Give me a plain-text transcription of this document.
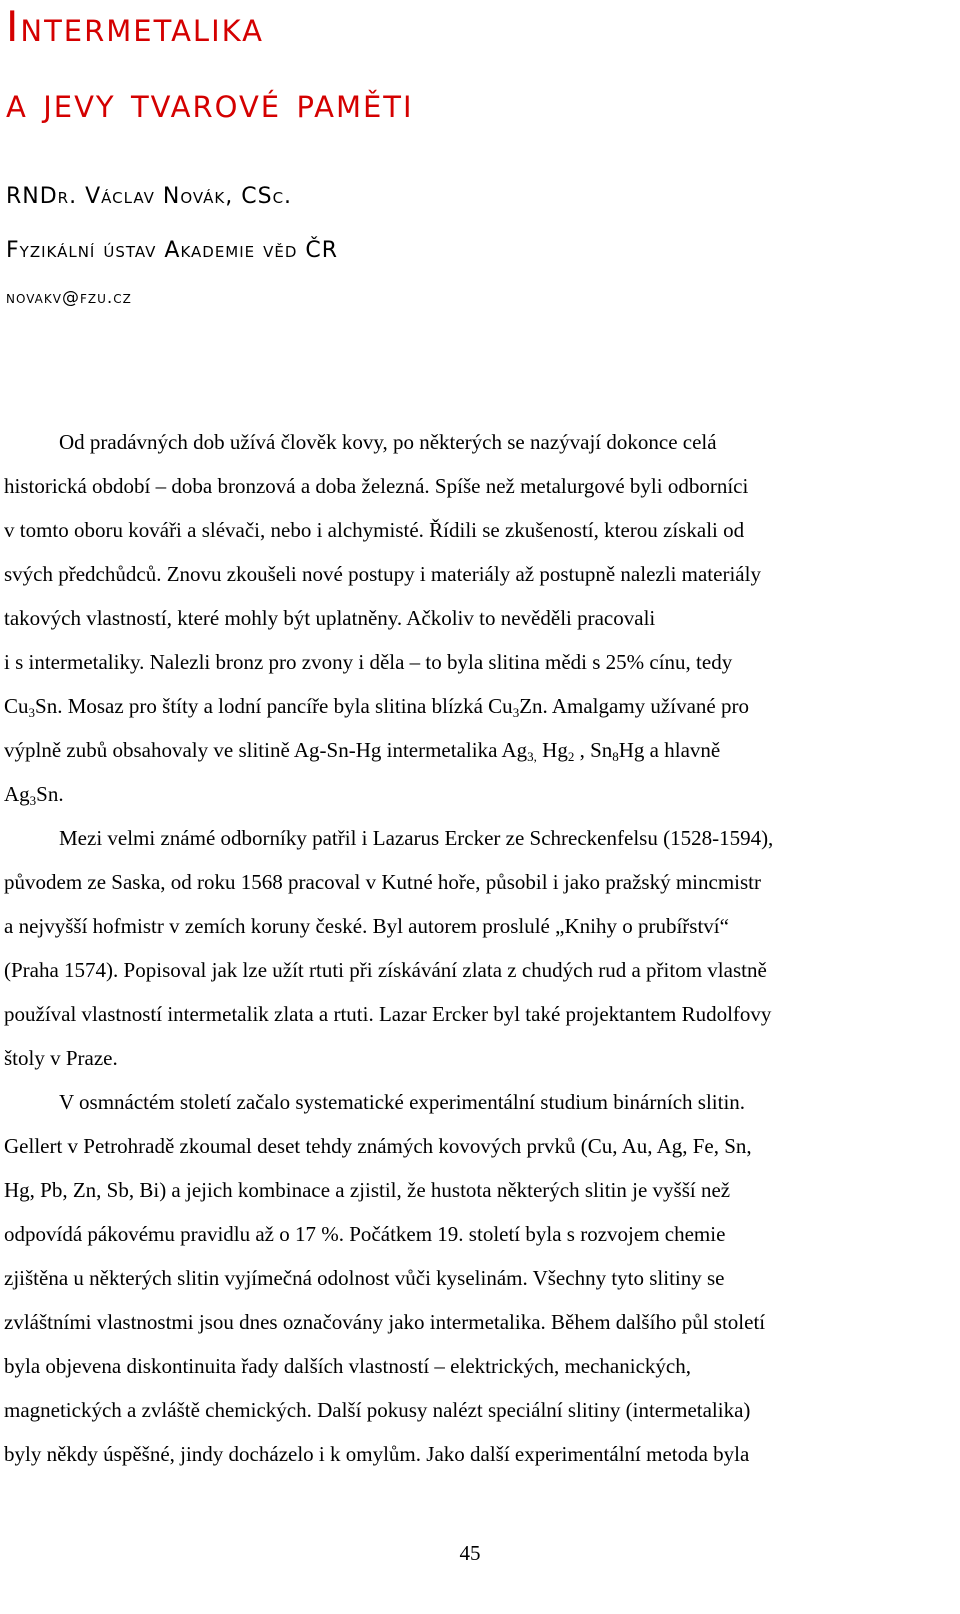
Intermetalika
a jevy tvarové paměti
RNDr. Václav Novák, CSc.
Fyzikální ústav Akademie věd ČR
novakv@fzu.cz

Od pradávných dob užívá člověk kovy, po některých se nazývají dokonce celá
historická období – doba bronzová a doba železná. Spíše než metalurgové byli odborníci
v tomto oboru kováři a slévači, nebo i alchymisté. Řídili se zkušeností, kterou získali od
svých předchůdců. Znovu zkoušeli nové postupy i materiály až postupně nalezli materiály
takových vlastností, které mohly být uplatněny. Ačkoliv to nevěděli pracovali
i s intermetaliky. Nalezli bronz pro zvony i děla – to byla slitina mědi s 25% cínu, tedy
$Cu_3Sn$. Mosaz pro štíty a lodní pancíře byla slitina blízká $Cu_3Zn$. Amalgamy užívané pro
výplně zubů obsahovaly ve slitině Ag-Sn-Hg intermetalika $Ag_{3,}$ $Hg_2$ , $Sn_8Hg$ a hlavně
$Ag_3Sn$.

Mezi velmi známé odborníky patřil i Lazarus Ercker ze Schreckenfelsu (1528-1594),
původem ze Saska, od roku 1568 pracoval v Kutné hoře, působil i jako pražský mincmistr
a nejvyšší hofmistr v zemích koruny české. Byl autorem proslulé „Knihy o prubířství“
(Praha 1574). Popisoval jak lze užít rtuti při získávání zlata z chudých rud a přitom vlastně
používal vlastností intermetalik zlata a rtuti. Lazar Ercker byl také projektantem Rudolfovy
štoly v Praze.

V osmnáctém století začalo systematické experimentální studium binárních slitin.
Gellert v Petrohradě zkoumal deset tehdy známých kovových prvků (Cu, Au, Ag, Fe, Sn,
Hg, Pb, Zn, Sb, Bi) a jejich kombinace a zjistil, že hustota některých slitin je vyšší než
odpovídá pákovému pravidlu až o 17 %. Počátkem 19. století byla s rozvojem chemie
zjištěna u některých slitin vyjímečná odolnost vůči kyselinám. Všechny tyto slitiny se
zvláštními vlastnostmi jsou dnes označovány jako intermetalika. Během dalšího půl století
byla objevena diskontinuita řady dalších vlastností – elektrických, mechanických,
magnetických a zvláště chemických. Další pokusy nalézt speciální slitiny (intermetalika)
byly někdy úspěšné, jindy docházelo i k omylům. Jako další experimentální metoda byla

45
